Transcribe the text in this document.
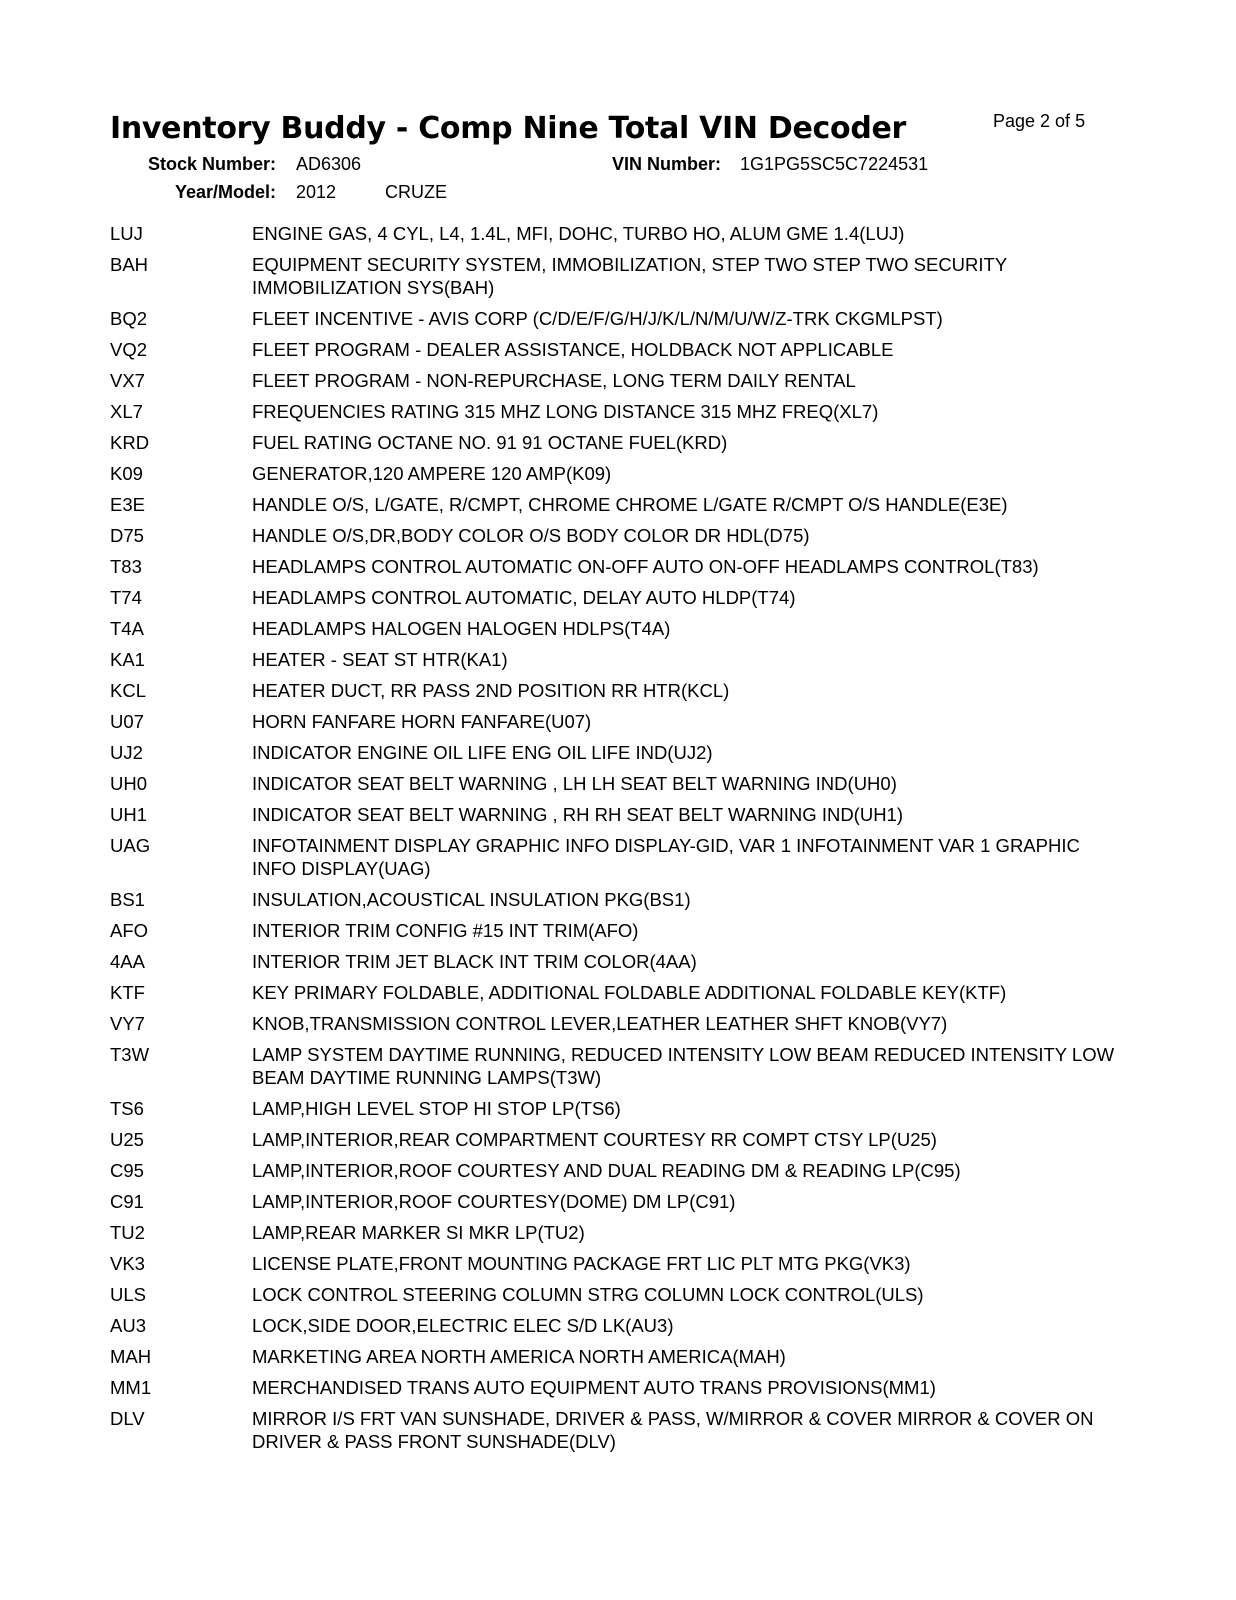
Inventory Buddy - Comp Nine Total VIN Decoder	Page 2 of 5
Stock Number: AD6306	VIN Number: 1G1PG5SC5C7224531
Year/Model: 2012	CRUZE
LUJ	ENGINE GAS, 4 CYL, L4, 1.4L, MFI, DOHC, TURBO HO, ALUM GME 1.4(LUJ)
BAH	EQUIPMENT SECURITY SYSTEM, IMMOBILIZATION, STEP TWO STEP TWO SECURITY IMMOBILIZATION SYS(BAH)
BQ2	FLEET INCENTIVE - AVIS CORP (C/D/E/F/G/H/J/K/L/N/M/U/W/Z-TRK CKGMLPST)
VQ2	FLEET PROGRAM - DEALER ASSISTANCE, HOLDBACK NOT APPLICABLE
VX7	FLEET PROGRAM - NON-REPURCHASE, LONG TERM DAILY RENTAL
XL7	FREQUENCIES RATING 315 MHZ LONG DISTANCE 315 MHZ FREQ(XL7)
KRD	FUEL RATING OCTANE NO. 91 91 OCTANE FUEL(KRD)
K09	GENERATOR,120 AMPERE 120 AMP(K09)
E3E	HANDLE O/S, L/GATE, R/CMPT, CHROME CHROME L/GATE R/CMPT O/S HANDLE(E3E)
D75	HANDLE O/S,DR,BODY COLOR O/S BODY COLOR DR HDL(D75)
T83	HEADLAMPS CONTROL AUTOMATIC ON-OFF AUTO ON-OFF HEADLAMPS CONTROL(T83)
T74	HEADLAMPS CONTROL AUTOMATIC, DELAY AUTO HLDP(T74)
T4A	HEADLAMPS HALOGEN HALOGEN HDLPS(T4A)
KA1	HEATER - SEAT ST HTR(KA1)
KCL	HEATER DUCT, RR PASS 2ND POSITION RR HTR(KCL)
U07	HORN FANFARE HORN FANFARE(U07)
UJ2	INDICATOR ENGINE OIL LIFE ENG OIL LIFE IND(UJ2)
UH0	INDICATOR SEAT BELT WARNING , LH LH SEAT BELT WARNING IND(UH0)
UH1	INDICATOR SEAT BELT WARNING , RH RH SEAT BELT WARNING IND(UH1)
UAG	INFOTAINMENT DISPLAY GRAPHIC INFO DISPLAY-GID, VAR 1 INFOTAINMENT VAR 1 GRAPHIC INFO DISPLAY(UAG)
BS1	INSULATION,ACOUSTICAL INSULATION PKG(BS1)
AFO	INTERIOR TRIM CONFIG #15 INT TRIM(AFO)
4AA	INTERIOR TRIM JET BLACK INT TRIM COLOR(4AA)
KTF	KEY PRIMARY FOLDABLE, ADDITIONAL FOLDABLE ADDITIONAL FOLDABLE KEY(KTF)
VY7	KNOB,TRANSMISSION CONTROL LEVER,LEATHER LEATHER SHFT KNOB(VY7)
T3W	LAMP SYSTEM DAYTIME RUNNING, REDUCED INTENSITY LOW BEAM REDUCED INTENSITY LOW BEAM DAYTIME RUNNING LAMPS(T3W)
TS6	LAMP,HIGH LEVEL STOP HI STOP LP(TS6)
U25	LAMP,INTERIOR,REAR COMPARTMENT COURTESY RR COMPT CTSY LP(U25)
C95	LAMP,INTERIOR,ROOF COURTESY AND DUAL READING DM & READING LP(C95)
C91	LAMP,INTERIOR,ROOF COURTESY(DOME) DM LP(C91)
TU2	LAMP,REAR MARKER SI MKR LP(TU2)
VK3	LICENSE PLATE,FRONT MOUNTING PACKAGE FRT LIC PLT MTG PKG(VK3)
ULS	LOCK CONTROL STEERING COLUMN STRG COLUMN LOCK CONTROL(ULS)
AU3	LOCK,SIDE DOOR,ELECTRIC ELEC S/D LK(AU3)
MAH	MARKETING AREA NORTH AMERICA NORTH AMERICA(MAH)
MM1	MERCHANDISED TRANS AUTO EQUIPMENT AUTO TRANS PROVISIONS(MM1)
DLV	MIRROR I/S FRT VAN SUNSHADE, DRIVER & PASS, W/MIRROR & COVER MIRROR & COVER ON DRIVER & PASS FRONT SUNSHADE(DLV)
